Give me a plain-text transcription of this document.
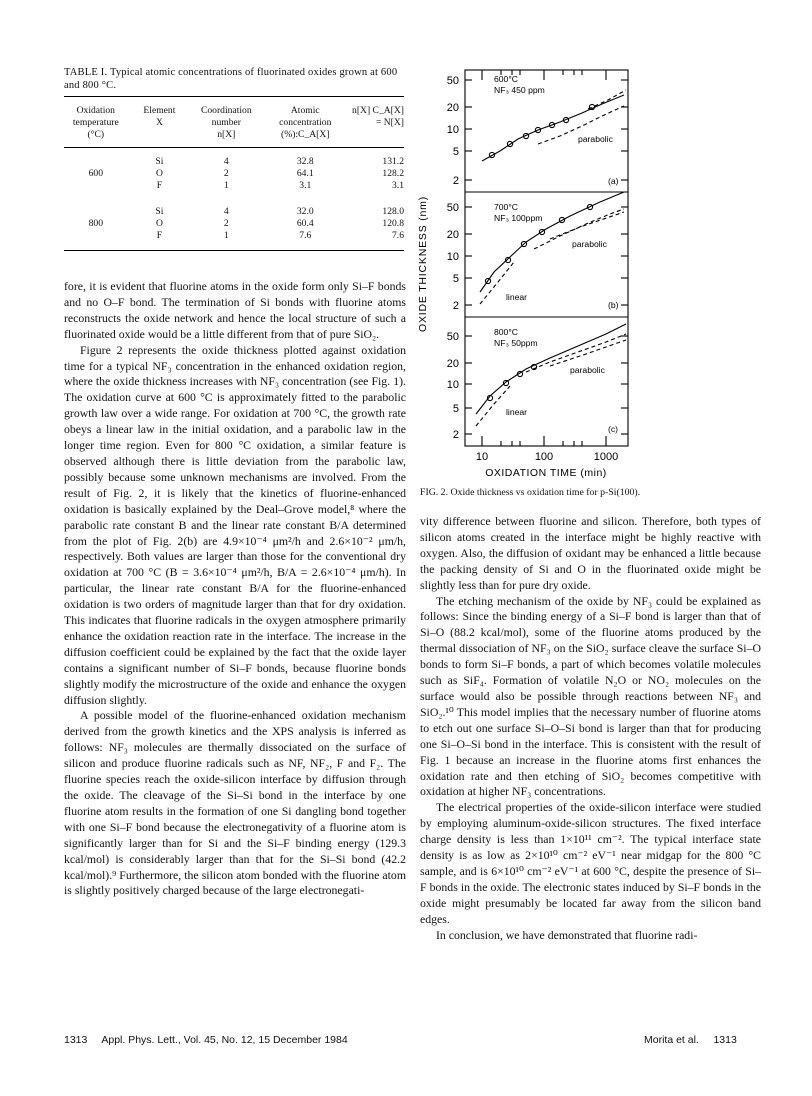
TABLE I. Typical atomic concentrations of fluorinated oxides grown at 600 and 800 °C.
Oxidation	Element	Coordination	Atomic	n[X] C_A[X]
temperature	X	number	concentration	= N[X]
(°C)		n[X]	(%):C_A[X]	
	Si	4	32.8	131.2
600	O	2	64.1	128.2
	F	1	3.1	3.1
	Si	4	32.0	128.0
800	O	2	60.4	120.8
	F	1	7.6	7.6

fore, it is evident that fluorine atoms in the oxide form only Si–F bonds and no O–F bond. The termination of Si bonds with fluorine atoms reconstructs the oxide network and hence the local structure of such a fluorinated oxide would be a little different from that of pure SiO₂.

Figure 2 represents the oxide thickness plotted against oxidation time for a typical NF₃ concentration in the enhanced oxidation region, where the oxide thickness increases with NF₃ concentration (see Fig. 1). The oxidation curve at 600 °C is approximately fitted to the parabolic growth law over a wide range. For oxidation at 700 °C, the growth rate obeys a linear law in the initial oxidation, and a parabolic law in the longer time region. Even for 800 °C oxidation, a similar feature is observed although there is little deviation from the parabolic law, possibly because some unknown mechanisms are involved. From the result of Fig. 2, it is likely that the kinetics of fluorine-enhanced oxidation is basically explained by the Deal–Grove model,⁸ where the parabolic rate constant B and the linear rate constant B/A determined from the plot of Fig. 2(b) are 4.9×10⁻⁴ μm²/h and 2.6×10⁻² μm/h, respectively. Both values are larger than those for the conventional dry oxidation at 700 °C (B = 3.6×10⁻⁴ μm²/h, B/A = 2.6×10⁻⁴ μm/h). In particular, the linear rate constant B/A for the fluorine-enhanced oxidation is two orders of magnitude larger than that for dry oxidation. This indicates that fluorine radicals in the oxygen atmosphere primarily enhance the oxidation reaction rate in the interface. The increase in the diffusion coefficient could be explained by the fact that the oxide layer contains a significant number of Si–F bonds, because fluorine bonds slightly modify the microstructure of the oxide and enhance the oxygen diffusion slightly.

A possible model of the fluorine-enhanced oxidation mechanism derived from the growth kinetics and the XPS analysis is inferred as follows: NF₃ molecules are thermally dissociated on the surface of silicon and produce fluorine radicals such as NF, NF₂, F and F₂. The fluorine species reach the oxide-silicon interface by diffusion through the oxide. The cleavage of the Si–Si bond in the interface by one fluorine atom results in the formation of one Si dangling bond together with one Si–F bond because the electronegativity of a fluorine atom is significantly larger than for Si and the Si–F binding energy (129.3 kcal/mol) is considerably larger than that for the Si–Si bond (42.2 kcal/mol).⁹ Furthermore, the silicon atom bonded with the fluorine atom is slightly positively charged because of the large electronegati-

50
20
10
5
2
50
20
10
5
2
50
20
10
5
2
10	100	1000
OXIDATION TIME (min)
OXIDE THICKNESS (nm)
600°C
NF₃ 450 ppm
parabolic
(a)
700°C
NF₃ 100ppm
parabolic
linear
(b)
800°C
NF₃ 50ppm
parabolic
linear
(c)
FIG. 2. Oxide thickness vs oxidation time for p-Si(100).

vity difference between fluorine and silicon. Therefore, both types of silicon atoms created in the interface might be highly reactive with oxygen. Also, the diffusion of oxidant may be enhanced a little because the packing density of Si and O in the fluorinated oxide might be slightly less than for pure dry oxide.

The etching mechanism of the oxide by NF₃ could be explained as follows: Since the binding energy of a Si–F bond is larger than that of Si–O (88.2 kcal/mol), some of the fluorine atoms produced by the thermal dissociation of NF₃ on the SiO₂ surface cleave the surface Si–O bonds to form Si–F bonds, a part of which becomes volatile molecules such as SiF₄. Formation of volatile N₂O or NO₂ molecules on the surface would also be possible through reactions between NF₃ and SiO₂.¹⁰ This model implies that the necessary number of fluorine atoms to etch out one surface Si–O–Si bond is larger than that for producing one Si–O–Si bond in the interface. This is consistent with the result of Fig. 1 because an increase in the fluorine atoms first enhances the oxidation rate and then etching of SiO₂ becomes competitive with oxidation at higher NF₃ concentrations.

The electrical properties of the oxide-silicon interface were studied by employing aluminum-oxide-silicon structures. The fixed interface charge density is less than 1×10¹¹ cm⁻². The typical interface state density is as low as 2×10¹⁰ cm⁻² eV⁻¹ near midgap for the 800 °C sample, and is 6×10¹⁰ cm⁻² eV⁻¹ at 600 °C, despite the presence of Si–F bonds in the oxide. The electronic states induced by Si–F bonds in the oxide might presumably be located far away from the silicon band edges.

In conclusion, we have demonstrated that fluorine radi-

1313     Appl. Phys. Lett., Vol. 45, No. 12, 15 December 1984	Morita et al.     1313
